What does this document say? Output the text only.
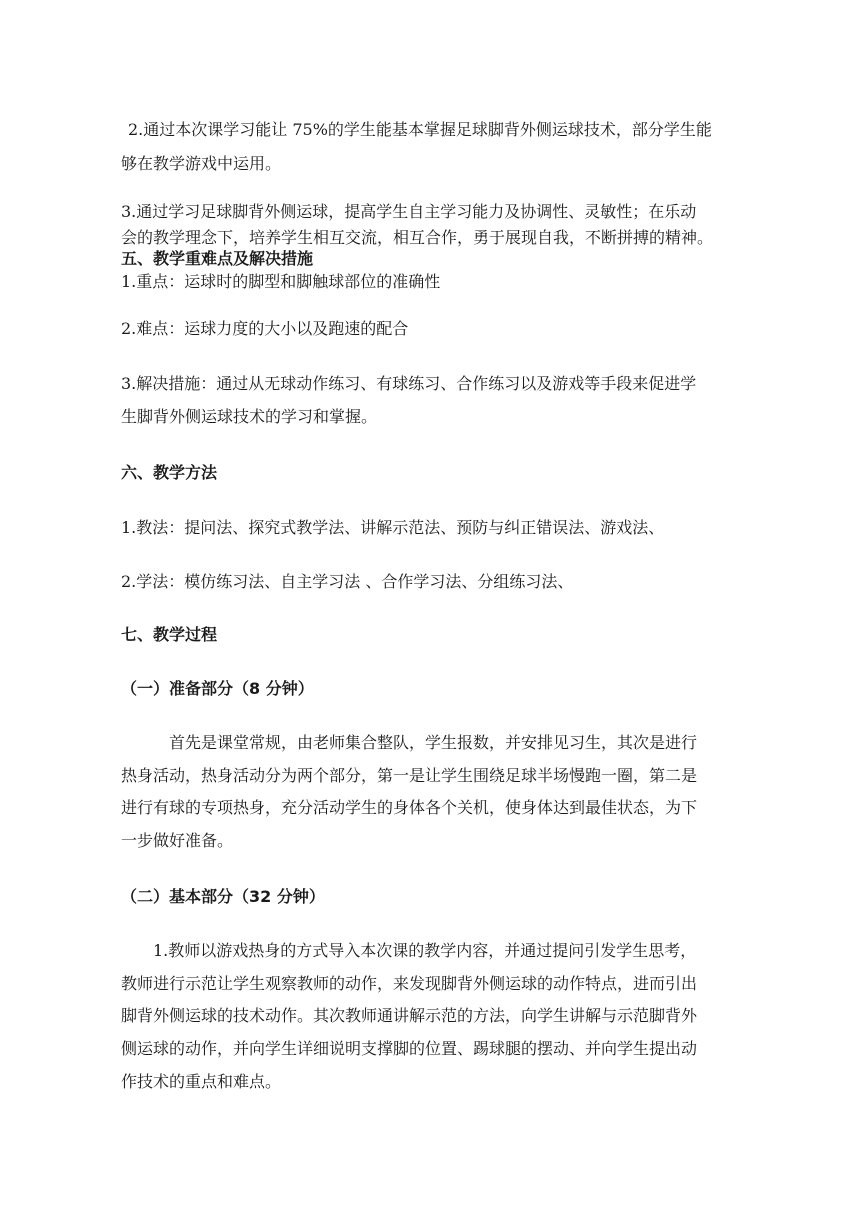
2.通过本次课学习能让 75%的学生能基本掌握足球脚背外侧运球技术，部分学生能
够在教学游戏中运用。
3.通过学习足球脚背外侧运球，提高学生自主学习能力及协调性、灵敏性；在乐动
会的教学理念下，培养学生相互交流，相互合作，勇于展现自我，不断拼搏的精神。
五、教学重难点及解决措施
1.重点：运球时的脚型和脚触球部位的准确性
2.难点：运球力度的大小以及跑速的配合
3.解决措施：通过从无球动作练习、有球练习、合作练习以及游戏等手段来促进学
生脚背外侧运球技术的学习和掌握。
六、教学方法
1.教法：提问法、探究式教学法、讲解示范法、预防与纠正错误法、游戏法、
2.学法：模仿练习法、自主学习法 、合作学习法、分组练习法、
七、教学过程
（一）准备部分（8 分钟）
首先是课堂常规，由老师集合整队，学生报数，并安排见习生，其次是进行
热身活动，热身活动分为两个部分，第一是让学生围绕足球半场慢跑一圈，第二是
进行有球的专项热身，充分活动学生的身体各个关机，使身体达到最佳状态，为下
一步做好准备。
（二）基本部分（32 分钟）
1.教师以游戏热身的方式导入本次课的教学内容，并通过提问引发学生思考，
教师进行示范让学生观察教师的动作，来发现脚背外侧运球的动作特点，进而引出
脚背外侧运球的技术动作。其次教师通讲解示范的方法，向学生讲解与示范脚背外
侧运球的动作，并向学生详细说明支撑脚的位置、踢球腿的摆动、并向学生提出动
作技术的重点和难点。
